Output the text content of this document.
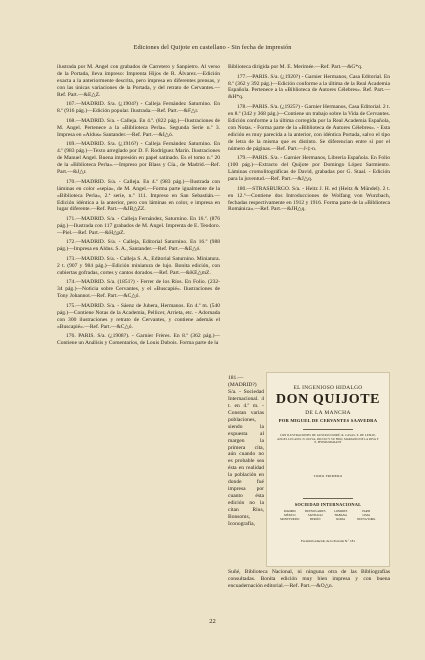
Ediciones del Quijote en castellano - Sin fecha de impresión

ilustrada por M. Angel con grabados de Carretero y Sanpietro. Al verso de la Portada, lleva impreso: Imprenta Hijos de R. Álvarez.—Edición exacta a la anteriormente descrita, pero impresa en diferentes prensas, y con las únicas variaciones de la Portada, y del retrato de Cervantes.—Ref. Part.—&E△Z.

167.—MADRID. S/a. (¿1904?) - Calleja Fernández Saturnino. En 8.º (916 pág.)—Edición popular. Ilustrada.—Ref. Part.—&F△r.

168.—MADRID. S/a. - Calleja. En 4.º. (822 pág.)—Ilustraciones de M. Angel. Pertenece a la «Biblioteca Perla». Segunda Serie n.º 3. Impresa en «Aldus» Santander.—Ref. Part.—&I△ó.

169.—MADRID. S/a. (¿1916?) - Calleja Fernández Saturnino. En 4.º (983 pág.)—Texto arreglado por D. F. Rodríguez Marín. Ilustraciones de Manuel Angel. Buena impresión en papel satinado. Es el tomo n.º 20 de la «Biblioteca Perla».—Impreso por Blass y Cía., de Madrid.—Ref. Part.—&J△r.

170.—MADRID. S/a. - Calleja. En 4.º (983 pág.)—Ilustrada con láminas en color «sepia», de M. Angel.—Forma parte igualmente de la «Biblioteca Perla», 2.ª serie, n.º 111. Impreso en San Sebastián.—Edición idéntica a la anterior, pero con láminas en color, e impresa en lugar diferente.—Ref. Part.—&JB△ZZ.

171.—MADRID. S/a. - Calleja Fernández, Saturnino. En 16.º. (876 pág.)—Ilustrada con 117 grabados de M. Angel. Imprenta de E. Teodoro.—Piel.—Ref. Part.—&H△pZ.

172.—MADRID. S/a. - Calleja, Editorial Saturnino. En 16.º (988 pág.)—Impresa en Aldus. S. A., Santander.—Ref. Part.—&E△ó.

173.—MADRID. S/a. - Calleja S. A., Editorial Saturnino. Miniatura. 2 t. (907 y 984 pág.)—Edición miniatura de lujo. Bonita edición, con cubiertas gofradas, cortes y cantos dorados.—Ref. Part.—&KE△mZ.

174.—MADRID. S/a. (1851?) - Ferrer de los Ríos. En Folio. (232-34 pág.)—Noticia sobre Cervantes, y el «Buscapié». Ilustraciones de Tony Johannot.—Ref. Part.—&C△ó.

175.—MADRID. S/a. - Sáenz de Jubera, Hermanos. En 4.º m. (540 pág.)—Contiene Notas de la Academia, Pellicer, Arrieta, etc. - Adornada con 300 ilustraciones y retrato de Cervantes, y contiene además el «Buscapié».—Ref. Part.—&C△ó.

176. PARIS. S/a. (¿1908?). - Garnier Frères. En 8.º (362 pág.)—Contiene un Análisis y Comentarios, de Louis Dubois. Forma parte de la

Biblioteca dirigida por M. E. Merimée.—Ref. Part.—&G*q.

177.—PARIS. S/a. (¿1920?) - Garnier Hermanos, Casa Editorial. En 8.º (362 y 392 pág.)—Edición conforme a la última de la Real Academia Española. Pertenece a la «Biblioteca de Autores Célebres». Ref. Part.—&H*q.

178.—PARIS. S/a. (¿1925?) - Garnier Hermanos, Casa Editorial. 2 t. en 8.º (342 y 368 pág.)—Contiene un trabajo sobre la Vida de Cervantes. Edición conforme a la última corregida por la Real Academia Española, con Notas. - Forma parte de la «Biblioteca de Autores Célebres». - Esta edición es muy parecida a la anterior, con idéntica Portada, salvo el tipo de letra de la misma que es distinto. Se diferencian entre sí por el número de páginas.—Ref. Part.—J-‡-n.

179.—PARIS. S/a. - Garnier Hermanos, Librería Española. En Folio (100 pág.)—Extracto del Quijote por Domingo López Sarmiento. Láminas cromolitográficas de David, grabadas por G. Staal. - Edición para la juventud.—Ref. Part.—&J△q.

180.—STRASBURGO. S/a. - Heitz J. H. ed (Heitz & Mündel). 2 t. en 12.º—Contiene dos Introducciones de Wolfang von Wurzbach, fechadas respectivamente en 1912 y 1916. Forma parte de la «Biblioteca Románica».—Ref. Part.—&JH△q.

181.—(MADRID?) S/a. - Sociedad Internacional. 4 t. en 4.º m. - Constan varias poblaciones, siendo la expuesta al margen la primera cita, aún cuando no es probable sea ésta en realidad la población en donde fué impresa por cuanto ésta edición no la citan Rius, Bonsoms, Iconografía,
EL INGENIOSO HIDALGO
DON QUIJOTE
DE LA MANCHA
POR MIGUEL DE CERVANTES SAAVEDRA
CON ILUSTRACIONES DE GUSTAVO DORÉ, R. CASAS, E. DE LESLIE, ANGEL LUCANO, N. OLIVA, RICCIO Y SU HIJO, MARIANO DE LA RIVA Y E. HYERUMGRANT
TOMO PRIMERO
SOCIEDAD INTERNACIONAL
MADRID	BUENOS AIRES	LONDRES	PARIS
MÉXICO	SANTIAGO	HABANA	LIMA
MONTEVIDEO	BERLÍN	ROMA	NUEVA YORK
Facsímil reducido de la Portada N.º 181
Suñé, Biblioteca Nacional, ni ninguna otra de las Bibliografías consultadas. Bonita edición muy bien impresa y con buena encuadernación editorial.—Ref. Part.—&O△n.
22
